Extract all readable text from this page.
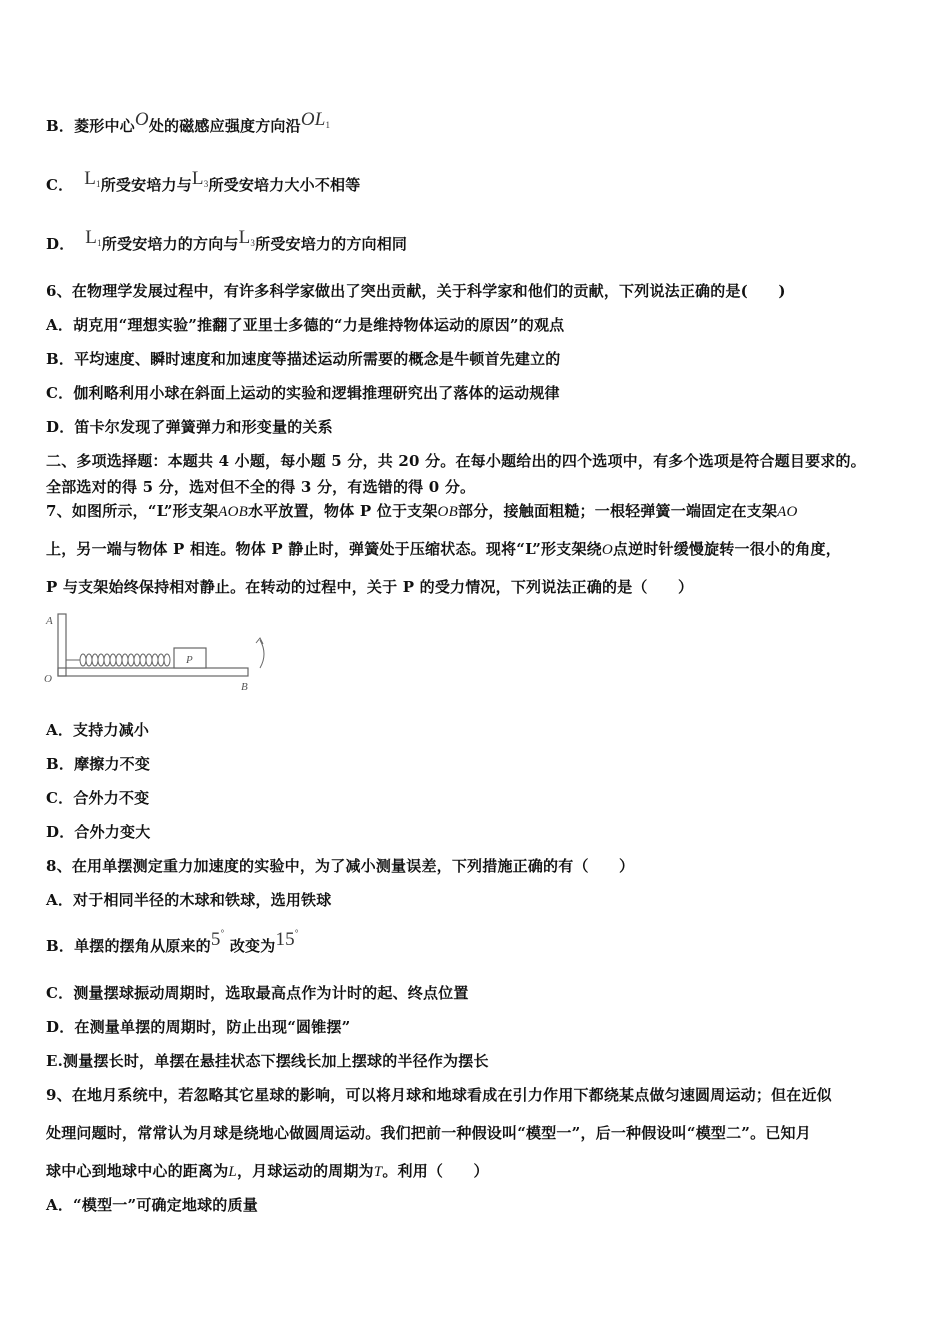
B．菱形中心O处的磁感应强度方向沿OL1
C． L1所受安培力与L3所受安培力大小不相等
D． L1所受安培力的方向与L3所受安培力的方向相同
6、在物理学发展过程中，有许多科学家做出了突出贡献，关于科学家和他们的贡献，下列说法正确的是(　　)
A．胡克用“理想实验”推翻了亚里士多德的“力是维持物体运动的原因”的观点
B．平均速度、瞬时速度和加速度等描述运动所需要的概念是牛顿首先建立的
C．伽利略利用小球在斜面上运动的实验和逻辑推理研究出了落体的运动规律
D．笛卡尔发现了弹簧弹力和形变量的关系
二、多项选择题：本题共 4 小题，每小题 5 分，共 20 分。在每小题给出的四个选项中，有多个选项是符合题目要求的。
全部选对的得 5 分，选对但不全的得 3 分，有选错的得 0 分。
7、如图所示，“L”形支架AOB水平放置，物体 P 位于支架OB部分，接触面粗糙；一根轻弹簧一端固定在支架AO
上，另一端与物体 P 相连。物体 P 静止时，弹簧处于压缩状态。现将“L”形支架绕O点逆时针缓慢旋转一很小的角度，
P 与支架始终保持相对静止。在转动的过程中，关于 P 的受力情况，下列说法正确的是（　　）
A
O
B
P
A．支持力减小
B．摩擦力不变
C．合外力不变
D．合外力变大
8、在用单摆测定重力加速度的实验中，为了减小测量误差，下列措施正确的有（　　）
A．对于相同半径的木球和铁球，选用铁球
B．单摆的摆角从原来的5° 改变为15°
C．测量摆球振动周期时，选取最高点作为计时的起、终点位置
D．在测量单摆的周期时，防止出现“圆锥摆”
E.测量摆长时，单摆在悬挂状态下摆线长加上摆球的半径作为摆长
9、在地月系统中，若忽略其它星球的影响，可以将月球和地球看成在引力作用下都绕某点做匀速圆周运动；但在近似
处理问题时，常常认为月球是绕地心做圆周运动。我们把前一种假设叫“模型一”，后一种假设叫“模型二”。已知月
球中心到地球中心的距离为L，月球运动的周期为T。利用（　　）
A．“模型一”可确定地球的质量
